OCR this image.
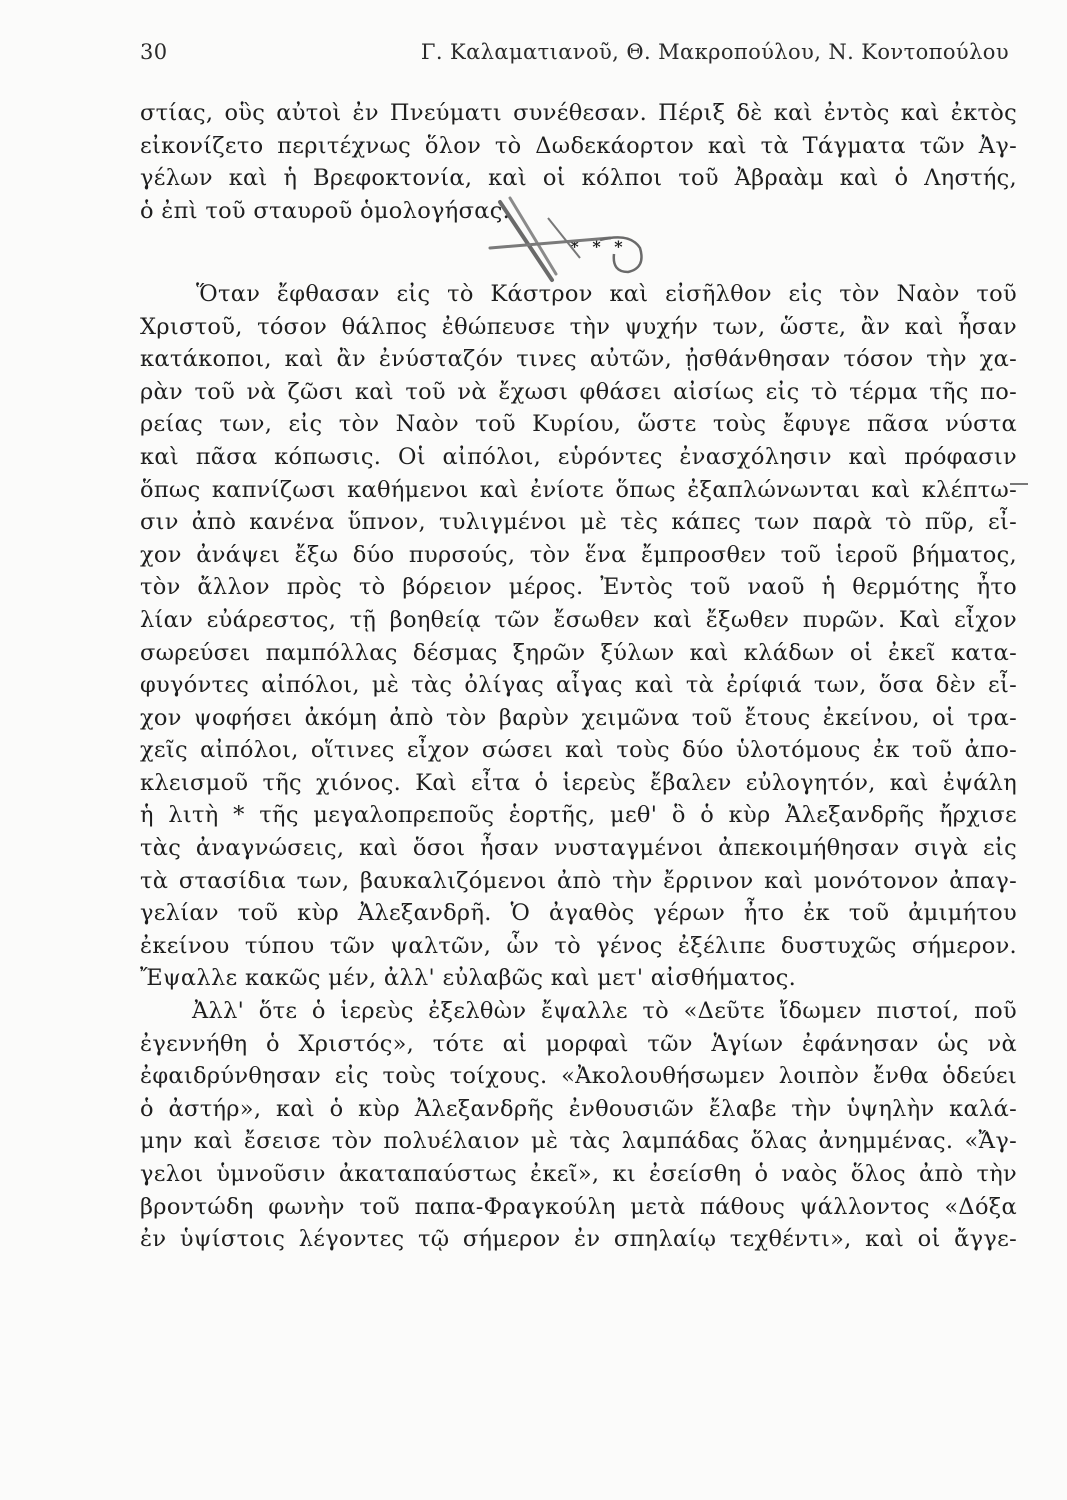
30	Γ. Καλαματιανοῦ, Θ. Μακροπούλου, Ν. Κοντοπούλου
στίας, οὓς αὐτοὶ ἐν Πνεύματι συνέθεσαν. Πέριξ δὲ καὶ ἐντὸς καὶ ἐκτὸς
εἰκονίζετο περιτέχνως ὅλον τὸ Δωδεκάορτον καὶ τὰ Τάγματα τῶν Ἀγ-
γέλων καὶ ἡ Βρεφοκτονία, καὶ οἱ κόλποι τοῦ Ἀβραὰμ καὶ ὁ Ληστής,
ὁ ἐπὶ τοῦ σταυροῦ ὁμολογήσας.
* * *
Ὅταν ἔφθασαν εἰς τὸ Κάστρον καὶ εἰσῆλθον εἰς τὸν Ναὸν τοῦ
Χριστοῦ, τόσον θάλπος ἐθώπευσε τὴν ψυχήν των, ὥστε, ἂν καὶ ἦσαν
κατάκοποι, καὶ ἂν ἐνύσταζόν τινες αὐτῶν, ᾐσθάνθησαν τόσον τὴν χα-
ρὰν τοῦ νὰ ζῶσι καὶ τοῦ νὰ ἔχωσι φθάσει αἰσίως εἰς τὸ τέρμα τῆς πο-
ρείας των, εἰς τὸν Ναὸν τοῦ Κυρίου, ὥστε τοὺς ἔφυγε πᾶσα νύστα
καὶ πᾶσα κόπωσις. Οἱ αἰπόλοι, εὑρόντες ἐνασχόλησιν καὶ πρόφασιν
ὅπως καπνίζωσι καθήμενοι καὶ ἐνίοτε ὅπως ἐξαπλώνωνται καὶ κλέπτω-
σιν ἀπὸ κανένα ὕπνον, τυλιγμένοι μὲ τὲς κάπες των παρὰ τὸ πῦρ, εἶ-
χον ἀνάψει ἔξω δύο πυρσούς, τὸν ἕνα ἔμπροσθεν τοῦ ἱεροῦ βήματος,
τὸν ἄλλον πρὸς τὸ βόρειον μέρος. Ἐντὸς τοῦ ναοῦ ἡ θερμότης ἦτο
λίαν εὐάρεστος, τῇ βοηθείᾳ τῶν ἔσωθεν καὶ ἔξωθεν πυρῶν. Καὶ εἶχον
σωρεύσει παμπόλλας δέσμας ξηρῶν ξύλων καὶ κλάδων οἱ ἐκεῖ κατα-
φυγόντες αἰπόλοι, μὲ τὰς ὀλίγας αἶγας καὶ τὰ ἐρίφιά των, ὅσα δὲν εἶ-
χον ψοφήσει ἀκόμη ἀπὸ τὸν βαρὺν χειμῶνα τοῦ ἔτους ἐκείνου, οἱ τρα-
χεῖς αἰπόλοι, οἵτινες εἶχον σώσει καὶ τοὺς δύο ὑλοτόμους ἐκ τοῦ ἀπο-
κλεισμοῦ τῆς χιόνος. Καὶ εἶτα ὁ ἱερεὺς ἔβαλεν εὐλογητόν, καὶ ἐψάλη
ἡ λιτὴ * τῆς μεγαλοπρεποῦς ἑορτῆς, μεθ' ὃ ὁ κὺρ Ἀλεξανδρῆς ἤρχισε
τὰς ἀναγνώσεις, καὶ ὅσοι ἦσαν νυσταγμένοι ἀπεκοιμήθησαν σιγὰ εἰς
τὰ στασίδια των, βαυκαλιζόμενοι ἀπὸ τὴν ἔρρινον καὶ μονότονον ἀπαγ-
γελίαν τοῦ κὺρ Ἀλεξανδρῆ. Ὁ ἀγαθὸς γέρων ἦτο ἐκ τοῦ ἀμιμήτου
ἐκείνου τύπου τῶν ψαλτῶν, ὧν τὸ γένος ἐξέλιπε δυστυχῶς σήμερον.
Ἔψαλλε κακῶς μέν, ἀλλ' εὐλαβῶς καὶ μετ' αἰσθήματος.
Ἀλλ' ὅτε ὁ ἱερεὺς ἐξελθὼν ἔψαλλε τὸ «Δεῦτε ἴδωμεν πιστοί, ποῦ
ἐγεννήθη ὁ Χριστός», τότε αἱ μορφαὶ τῶν Ἁγίων ἐφάνησαν ὡς νὰ
ἐφαιδρύνθησαν εἰς τοὺς τοίχους. «Ἀκολουθήσωμεν λοιπὸν ἔνθα ὁδεύει
ὁ ἀστήρ», καὶ ὁ κὺρ Ἀλεξανδρῆς ἐνθουσιῶν ἔλαβε τὴν ὑψηλὴν καλά-
μην καὶ ἔσεισε τὸν πολυέλαιον μὲ τὰς λαμπάδας ὅλας ἀνημμένας. «Ἄγ-
γελοι ὑμνοῦσιν ἀκαταπαύστως ἐκεῖ», κι ἐσείσθη ὁ ναὸς ὅλος ἀπὸ τὴν
βροντώδη φωνὴν τοῦ παπα-Φραγκούλη μετὰ πάθους ψάλλοντος «Δόξα
ἐν ὑψίστοις λέγοντες τῷ σήμερον ἐν σπηλαίῳ τεχθέντι», καὶ οἱ ἄγγε-
